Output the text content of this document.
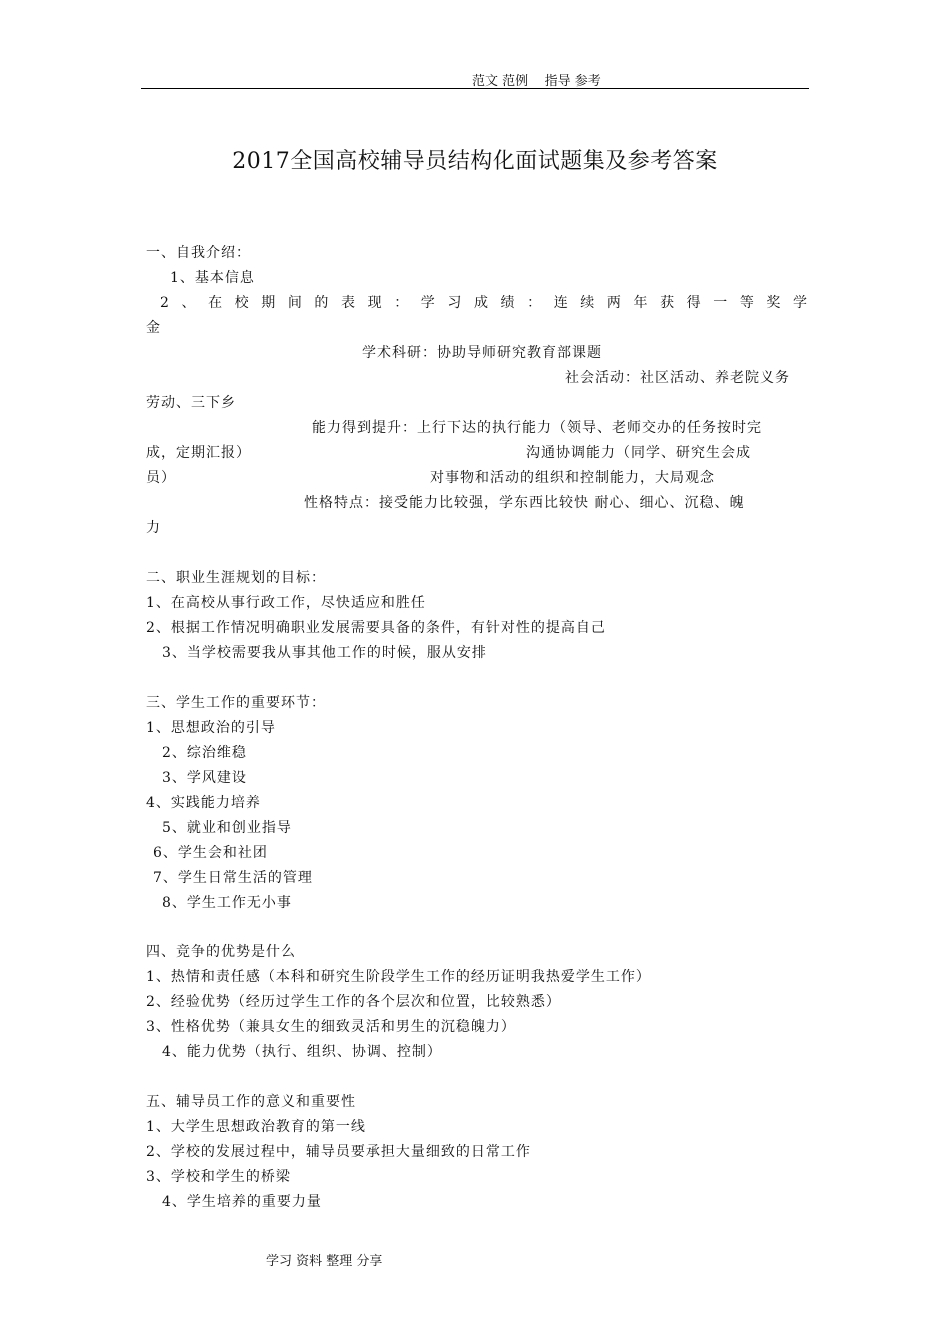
范文 范例    指导 参考
2017全国高校辅导员结构化面试题集及参考答案
一、自我介绍：
1、基本信息
2、在校期间的表现：学习成绩：连续两年获得一等奖学
金
学术科研：协助导师研究教育部课题
社会活动：社区活动、养老院义务
劳动、三下乡
能力得到提升：上行下达的执行能力（领导、老师交办的任务按时完
成，定期汇报）	沟通协调能力（同学、研究生会成
员）	对事物和活动的组织和控制能力，大局观念
性格特点：接受能力比较强，学东西比较快 耐心、细心、沉稳、魄
力
二、职业生涯规划的目标：
1、在高校从事行政工作，尽快适应和胜任
2、根据工作情况明确职业发展需要具备的条件，有针对性的提高自己
3、当学校需要我从事其他工作的时候，服从安排
三、学生工作的重要环节：
1、思想政治的引导
2、综治维稳
3、学风建设
4、实践能力培养
5、就业和创业指导
6、学生会和社团
7、学生日常生活的管理
8、学生工作无小事
四、竞争的优势是什么
1、热情和责任感（本科和研究生阶段学生工作的经历证明我热爱学生工作）
2、经验优势（经历过学生工作的各个层次和位置，比较熟悉）
3、性格优势（兼具女生的细致灵活和男生的沉稳魄力）
4、能力优势（执行、组织、协调、控制）
五、辅导员工作的意义和重要性
1、大学生思想政治教育的第一线
2、学校的发展过程中，辅导员要承担大量细致的日常工作
3、学校和学生的桥梁
4、学生培养的重要力量
学习 资料 整理 分享
